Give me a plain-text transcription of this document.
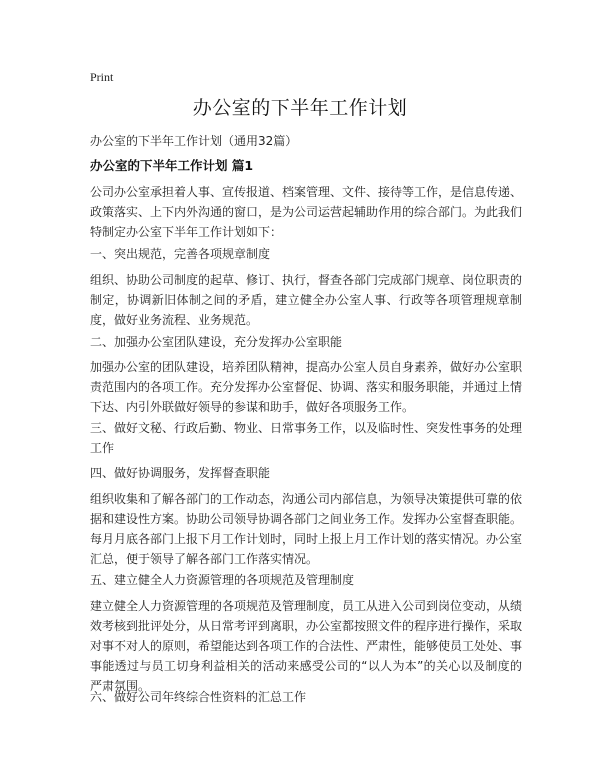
Print
办公室的下半年工作计划
办公室的下半年工作计划（通用32篇）
办公室的下半年工作计划 篇1

公司办公室承担着人事、宣传报道、档案管理、文件、接待等工作，是信息传递、政策落实、上下内外沟通的窗口，是为公司运营起辅助作用的综合部门。为此我们特制定办公室下半年工作计划如下：

一、突出规范，完善各项规章制度

组织、协助公司制度的起草、修订、执行，督查各部门完成部门规章、岗位职责的制定，协调新旧体制之间的矛盾，建立健全办公室人事、行政等各项管理规章制度，做好业务流程、业务规范。

二、加强办公室团队建设，充分发挥办公室职能

加强办公室的团队建设，培养团队精神，提高办公室人员自身素养，做好办公室职责范围内的各项工作。充分发挥办公室督促、协调、落实和服务职能，并通过上情下达、内引外联做好领导的参谋和助手，做好各项服务工作。

三、做好文秘、行政后勤、物业、日常事务工作，以及临时性、突发性事务的处理工作

四、做好协调服务，发挥督查职能

组织收集和了解各部门的工作动态，沟通公司内部信息，为领导决策提供可靠的依据和建设性方案。协助公司领导协调各部门之间业务工作。发挥办公室督查职能。每月月底各部门上报下月工作计划时，同时上报上月工作计划的落实情况。办公室汇总，便于领导了解各部门工作落实情况。

五、建立健全人力资源管理的各项规范及管理制度

建立健全人力资源管理的各项规范及管理制度，员工从进入公司到岗位变动，从绩效考核到批评处分，从日常考评到离职，办公室都按照文件的程序进行操作，采取对事不对人的原则，希望能达到各项工作的合法性、严肃性，能够使员工处处、事事能透过与员工切身利益相关的活动来感受公司的“以人为本”的关心以及制度的严肃氛围。

六、做好公司年终综合性资料的汇总工作
